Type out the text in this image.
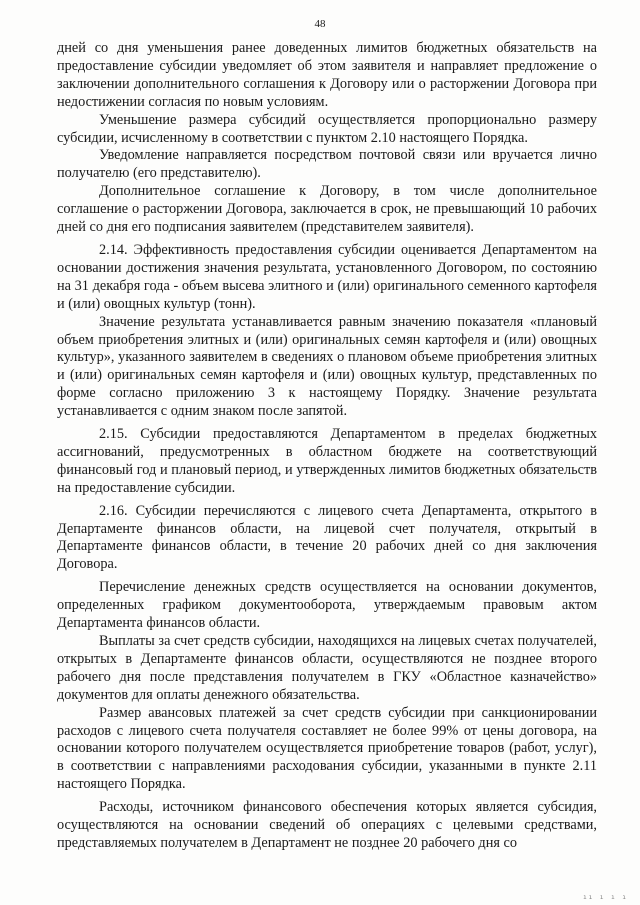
48

дней со дня уменьшения ранее доведенных лимитов бюджетных обязательств на предоставление субсидии уведомляет об этом заявителя и направляет предложение о заключении дополнительного соглашения к Договору или о расторжении Договора при недостижении согласия по новым условиям.

Уменьшение размера субсидий осуществляется пропорционально размеру субсидии, исчисленному в соответствии с пунктом 2.10 настоящего Порядка.

Уведомление направляется посредством почтовой связи или вручается лично получателю (его представителю).

Дополнительное соглашение к Договору, в том числе дополнительное соглашение о расторжении Договора, заключается в срок, не превышающий 10 рабочих дней со дня его подписания заявителем (представителем заявителя).

2.14. Эффективность предоставления субсидии оценивается Департаментом на основании достижения значения результата, установленного Договором, по состоянию на 31 декабря года - объем высева элитного и (или) оригинального семенного картофеля и (или) овощных культур (тонн).

Значение результата устанавливается равным значению показателя «плановый объем приобретения элитных и (или) оригинальных семян картофеля и (или) овощных культур», указанного заявителем в сведениях о плановом объеме приобретения элитных и (или) оригинальных семян картофеля и (или) овощных культур, представленных по форме согласно приложению 3 к настоящему Порядку. Значение результата устанавливается с одним знаком после запятой.

2.15. Субсидии предоставляются Департаментом в пределах бюджетных ассигнований, предусмотренных в областном бюджете на соответствующий финансовый год и плановый период, и утвержденных лимитов бюджетных обязательств на предоставление субсидии.

2.16. Субсидии перечисляются с лицевого счета Департамента, открытого в Департаменте финансов области, на лицевой счет получателя, открытый в Департаменте финансов области, в течение 20 рабочих дней со дня заключения Договора.

Перечисление денежных средств осуществляется на основании документов, определенных графиком документооборота, утверждаемым правовым актом Департамента финансов области.

Выплаты за счет средств субсидии, находящихся на лицевых счетах получателей, открытых в Департаменте финансов области, осуществляются не позднее второго рабочего дня после представления получателем в ГКУ «Областное казначейство» документов для оплаты денежного обязательства.

Размер авансовых платежей за счет средств субсидии при санкционировании расходов с лицевого счета получателя составляет не более 99% от цены договора, на основании которого получателем осуществляется приобретение товаров (работ, услуг), в соответствии с направлениями расходования субсидии, указанными в пункте 2.11 настоящего Порядка.

Расходы, источником финансового обеспечения которых является субсидия, осуществляются на основании сведений об операциях с целевыми средствами, представляемых получателем в Департамент не позднее 20 рабочего дня со

ıı ı ı ı
